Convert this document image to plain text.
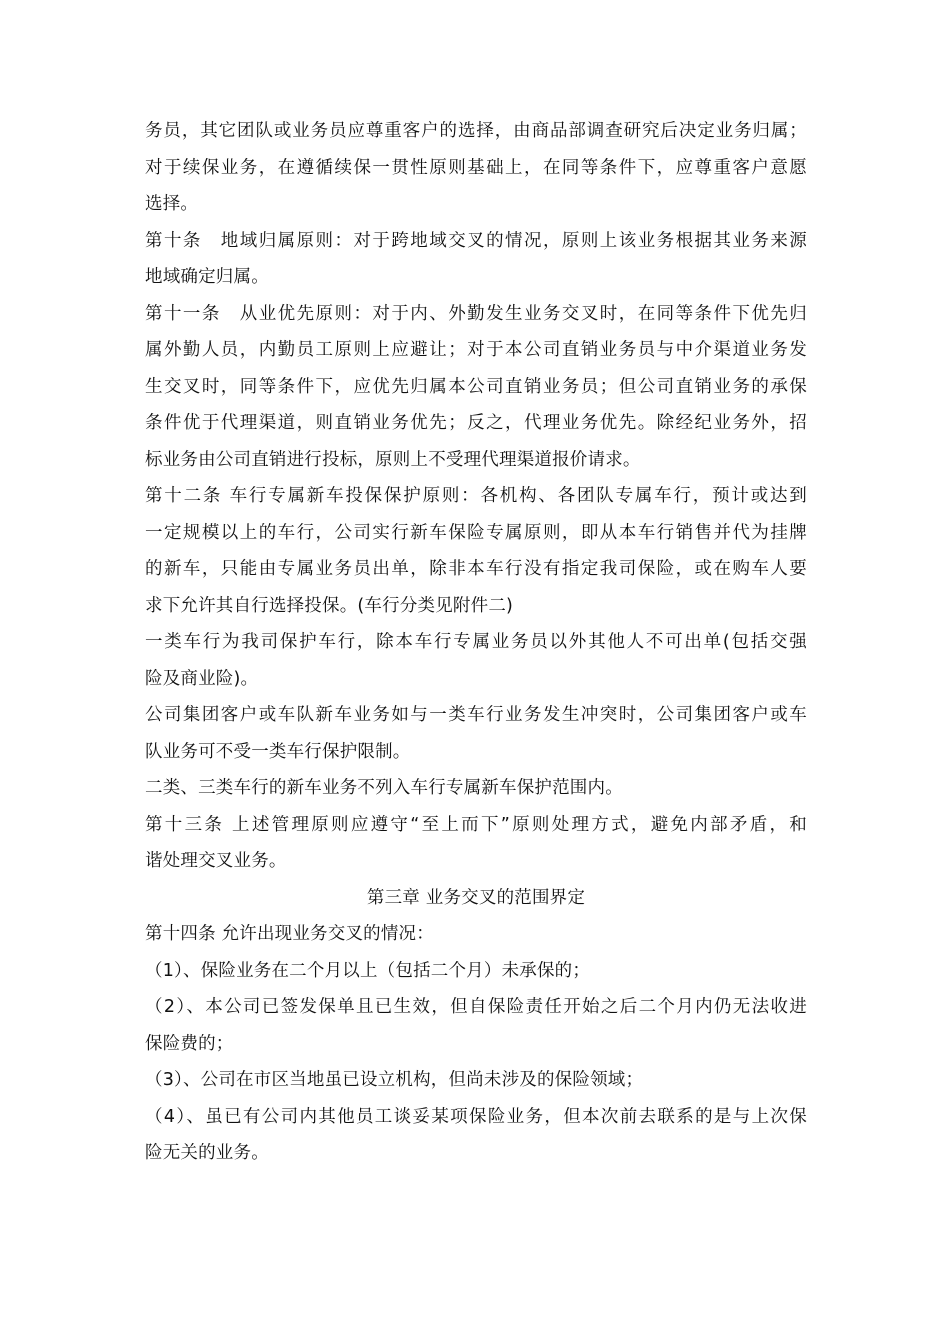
务员，其它团队或业务员应尊重客户的选择，由商品部调查研究后决定业务归属；
对于续保业务，在遵循续保一贯性原则基础上，在同等条件下，应尊重客户意愿
选择。
第十条　地域归属原则：对于跨地域交叉的情况，原则上该业务根据其业务来源
地域确定归属。
第十一条　从业优先原则：对于内、外勤发生业务交叉时，在同等条件下优先归
属外勤人员，内勤员工原则上应避让；对于本公司直销业务员与中介渠道业务发
生交叉时，同等条件下，应优先归属本公司直销业务员；但公司直销业务的承保
条件优于代理渠道，则直销业务优先；反之，代理业务优先。除经纪业务外，招
标业务由公司直销进行投标，原则上不受理代理渠道报价请求。
第十二条 车行专属新车投保保护原则：各机构、各团队专属车行，预计或达到
一定规模以上的车行，公司实行新车保险专属原则，即从本车行销售并代为挂牌
的新车，只能由专属业务员出单，除非本车行没有指定我司保险，或在购车人要
求下允许其自行选择投保。(车行分类见附件二)
一类车行为我司保护车行，除本车行专属业务员以外其他人不可出单(包括交强
险及商业险)。
公司集团客户或车队新车业务如与一类车行业务发生冲突时，公司集团客户或车
队业务可不受一类车行保护限制。
二类、三类车行的新车业务不列入车行专属新车保护范围内。
第十三条 上述管理原则应遵守“至上而下”原则处理方式，避免内部矛盾，和
谐处理交叉业务。
第三章 业务交叉的范围界定
第十四条 允许出现业务交叉的情况：
（1）、保险业务在二个月以上（包括二个月）未承保的；
（2）、本公司已签发保单且已生效，但自保险责任开始之后二个月内仍无法收进
保险费的；
（3）、公司在市区当地虽已设立机构，但尚未涉及的保险领域；
（4）、虽已有公司内其他员工谈妥某项保险业务，但本次前去联系的是与上次保
险无关的业务。
